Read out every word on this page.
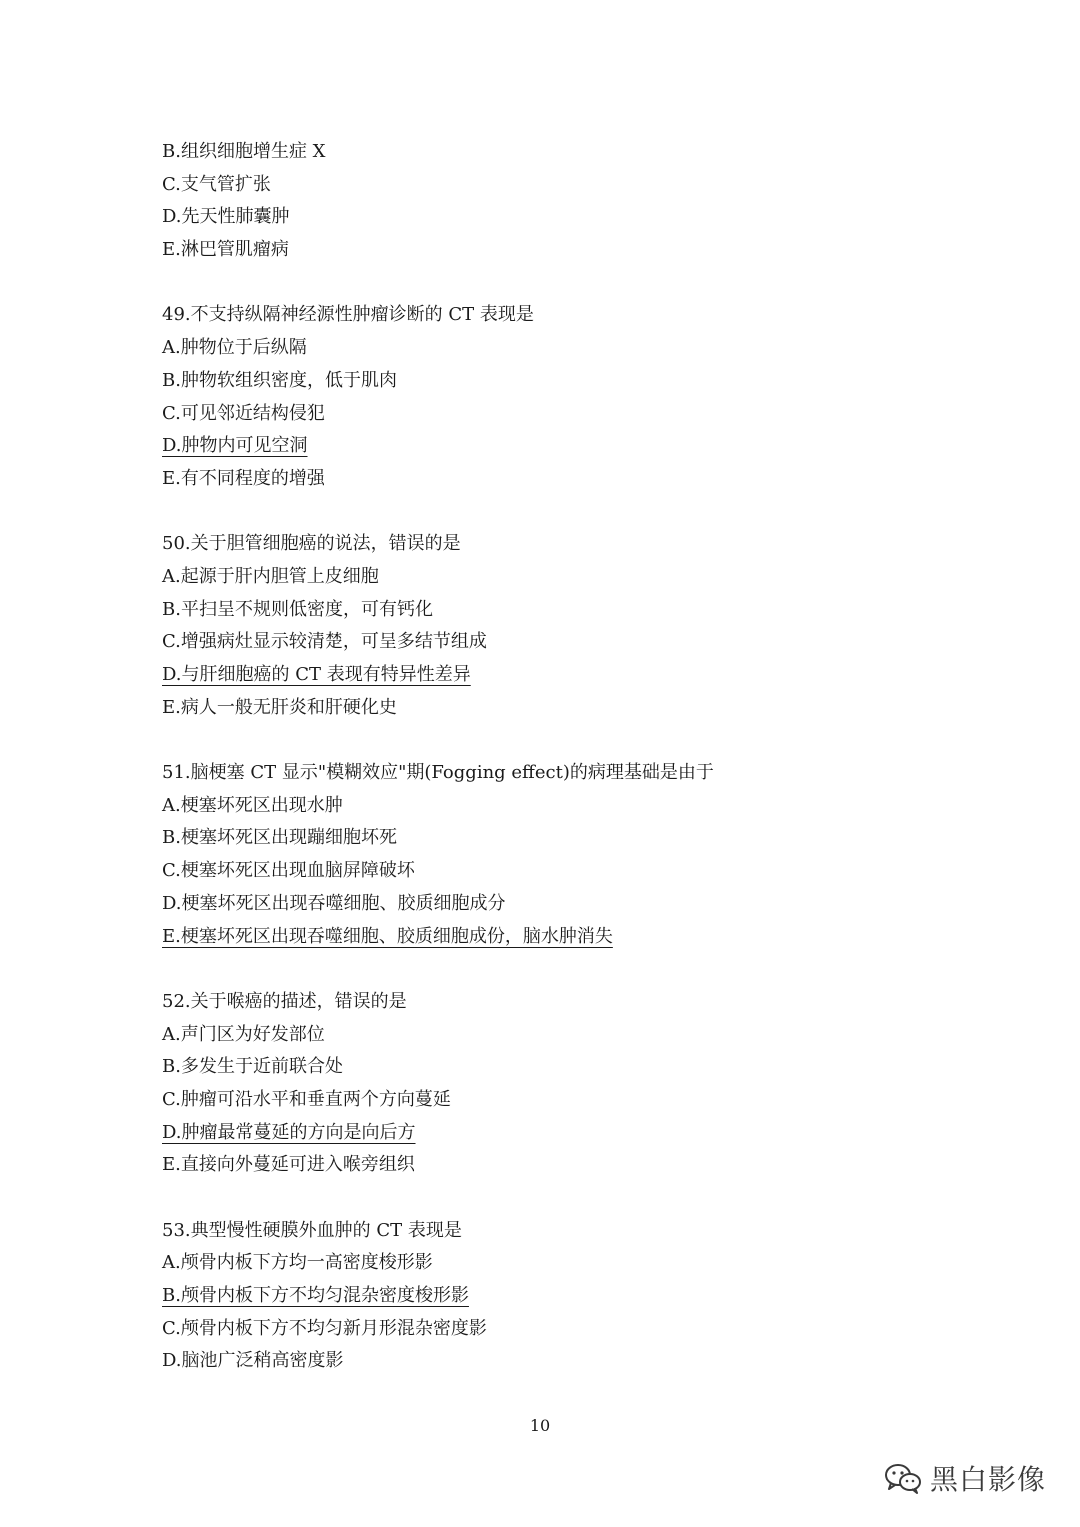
B.组织细胞增生症 X
C.支气管扩张
D.先天性肺囊肿
E.淋巴管肌瘤病
49.不支持纵隔神经源性肿瘤诊断的 CT 表现是
A.肿物位于后纵隔
B.肿物软组织密度，低于肌肉
C.可见邻近结构侵犯
D.肿物内可见空洞
E.有不同程度的增强
50.关于胆管细胞癌的说法，错误的是
A.起源于肝内胆管上皮细胞
B.平扫呈不规则低密度，可有钙化
C.增强病灶显示较清楚，可呈多结节组成
D.与肝细胞癌的 CT 表现有特异性差异
E.病人一般无肝炎和肝硬化史
51.脑梗塞 CT 显示"模糊效应"期(Fogging effect)的病理基础是由于
A.梗塞坏死区出现水肿
B.梗塞坏死区出现蹦细胞坏死
C.梗塞坏死区出现血脑屏障破坏
D.梗塞坏死区出现吞噬细胞、胶质细胞成分
E.梗塞坏死区出现吞噬细胞、胶质细胞成份，脑水肿消失
52.关于喉癌的描述，错误的是
A.声门区为好发部位
B.多发生于近前联合处
C.肿瘤可沿水平和垂直两个方向蔓延
D.肿瘤最常蔓延的方向是向后方
E.直接向外蔓延可进入喉旁组织
53.典型慢性硬膜外血肿的 CT 表现是
A.颅骨内板下方均一高密度梭形影
B.颅骨内板下方不均匀混杂密度梭形影
C.颅骨内板下方不均匀新月形混杂密度影
D.脑池广泛稍高密度影
10
黑白影像
